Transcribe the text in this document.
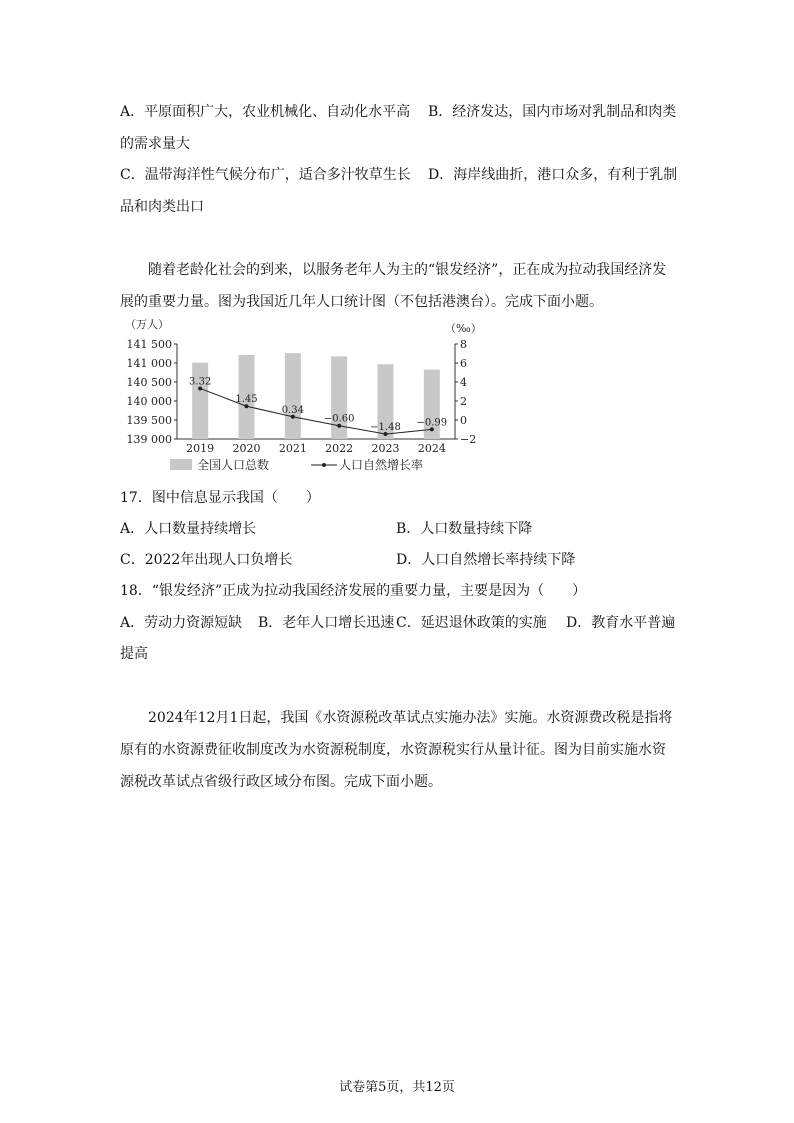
A．平原面积广大，农业机械化、自动化水平高 B．经济发达，国内市场对乳制品和肉类
的需求量大
C．温带海洋性气候分布广，适合多汁牧草生长 D．海岸线曲折，港口众多，有利于乳制
品和肉类出口
随着老龄化社会的到来，以服务老年人为主的“银发经济”，正在成为拉动我国经济发展的重要力量。图为我国近几年人口统计图（不包括港澳台）。完成下面小题。
141 500
141 000
140 500
140 000
139 500
139 000
（万人）
8
6
4
2
0
−2
（‰）
2019 2020 2021 2022 2023 2024
3.32
1.45
0.34
−0.60
−1.48 −0.99
全国人口总数	人口自然增长率
17．图中信息显示我国（　　）
A．人口数量持续增长	B．人口数量持续下降
C．2022年出现人口负增长	D．人口自然增长率持续下降
18．“银发经济”正成为拉动我国经济发展的重要力量，主要是因为（　　）
A．劳动力资源短缺 B．老年人口增长迅速 C．延迟退休政策的实施 D．教育水平普遍
提高
2024年12月1日起，我国《水资源税改革试点实施办法》实施。水资源费改税是指将原有的水资源费征收制度改为水资源税制度，水资源税实行从量计征。图为目前实施水资源税改革试点省级行政区域分布图。完成下面小题。
试卷第5页，共12页
